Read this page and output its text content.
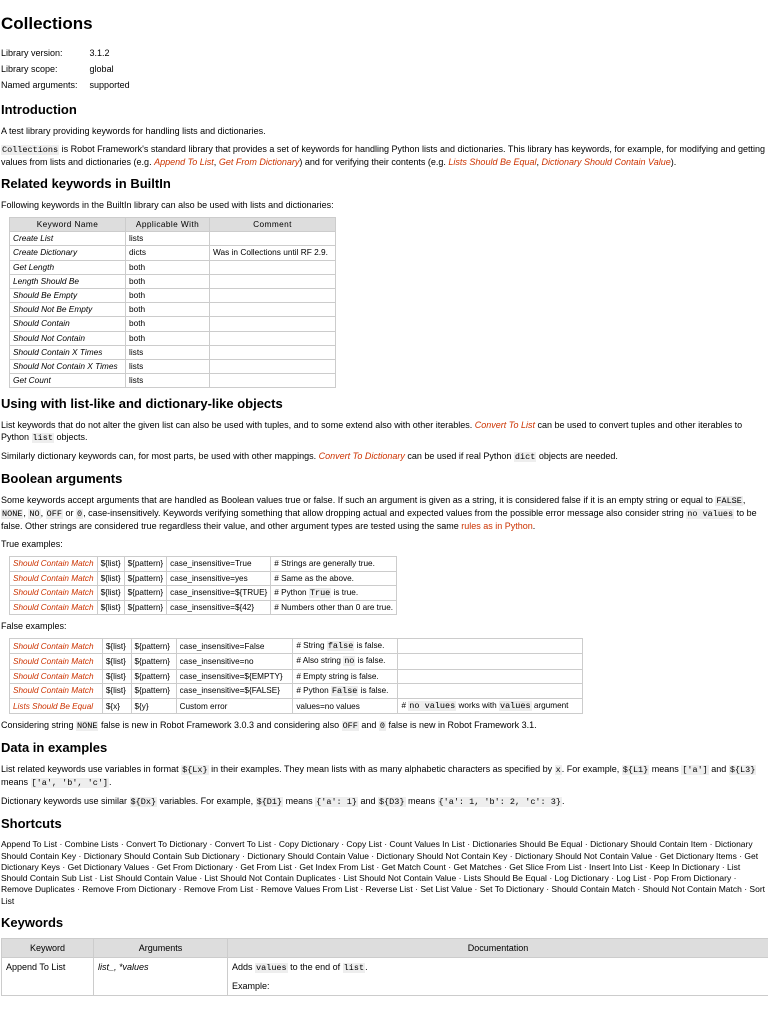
Collections
Library version:	3.1.2
Library scope:	global
Named arguments:	supported
Introduction

A test library providing keywords for handling lists and dictionaries.

Collections is Robot Framework's standard library that provides a set of keywords for handling Python lists and dictionaries. This library has keywords, for example, for modifying and getting values from lists and dictionaries (e.g. Append To List, Get From Dictionary) and for verifying their contents (e.g. Lists Should Be Equal, Dictionary Should Contain Value).

Related keywords in BuiltIn

Following keywords in the BuiltIn library can also be used with lists and dictionaries:

Keyword Name	Applicable With	Comment
Create List	lists	
Create Dictionary	dicts	Was in Collections until RF 2.9.
Get Length	both	
Length Should Be	both	
Should Be Empty	both	
Should Not Be Empty	both	
Should Contain	both	
Should Not Contain	both	
Should Contain X Times	lists	
Should Not Contain X Times	lists	
Get Count	lists	
Using with list-like and dictionary-like objects

List keywords that do not alter the given list can also be used with tuples, and to some extend also with other iterables. Convert To List can be used to convert tuples and other iterables to Python list objects.

Similarly dictionary keywords can, for most parts, be used with other mappings. Convert To Dictionary can be used if real Python dict objects are needed.

Boolean arguments

Some keywords accept arguments that are handled as Boolean values true or false. If such an argument is given as a string, it is considered false if it is an empty string or equal to FALSE, NONE, NO, OFF or 0, case-insensitively. Keywords verifying something that allow dropping actual and expected values from the possible error message also consider string no values to be false. Other strings are considered true regardless their value, and other argument types are tested using the same rules as in Python.

True examples:

Should Contain Match	${list}	${pattern}	case_insensitive=True	# Strings are generally true.
Should Contain Match	${list}	${pattern}	case_insensitive=yes	# Same as the above.
Should Contain Match	${list}	${pattern}	case_insensitive=${TRUE}	# Python True is true.
Should Contain Match	${list}	${pattern}	case_insensitive=${42}	# Numbers other than 0 are true.

False examples:

Should Contain Match	${list}	${pattern}	case_insensitive=False	# String false is false.	
Should Contain Match	${list}	${pattern}	case_insensitive=no	# Also string no is false.	
Should Contain Match	${list}	${pattern}	case_insensitive=${EMPTY}	# Empty string is false.	
Should Contain Match	${list}	${pattern}	case_insensitive=${FALSE}	# Python False is false.	
Lists Should Be Equal	${x}	${y}	Custom error	values=no values	# no values works with values argument

Considering string NONE false is new in Robot Framework 3.0.3 and considering also OFF and 0 false is new in Robot Framework 3.1.

Data in examples

List related keywords use variables in format ${Lx} in their examples. They mean lists with as many alphabetic characters as specified by x. For example, ${L1} means ['a'] and ${L3} means ['a', 'b', 'c'].

Dictionary keywords use similar ${Dx} variables. For example, ${D1} means {'a': 1} and ${D3} means {'a': 1, 'b': 2, 'c': 3}.

Shortcuts
Append To List · Combine Lists · Convert To Dictionary · Convert To List · Copy Dictionary · Copy List · Count Values In List · Dictionaries Should Be Equal · Dictionary Should Contain Item · Dictionary Should Contain Key · Dictionary Should Contain Sub Dictionary · Dictionary Should Contain Value · Dictionary Should Not Contain Key · Dictionary Should Not Contain Value · Get Dictionary Items · Get Dictionary Keys · Get Dictionary Values · Get From Dictionary · Get From List · Get Index From List · Get Match Count · Get Matches · Get Slice From List · Insert Into List · Keep In Dictionary · List Should Contain Sub List · List Should Contain Value · List Should Not Contain Duplicates · List Should Not Contain Value · Lists Should Be Equal · Log Dictionary · Log List · Pop From Dictionary · Remove Duplicates · Remove From Dictionary · Remove From List · Remove Values From List · Reverse List · Set List Value · Set To Dictionary · Should Contain Match · Should Not Contain Match · Sort List
Keywords
Keyword	Arguments	Documentation
Append To List	list_, *values	Adds values to the end of list.
Example:
